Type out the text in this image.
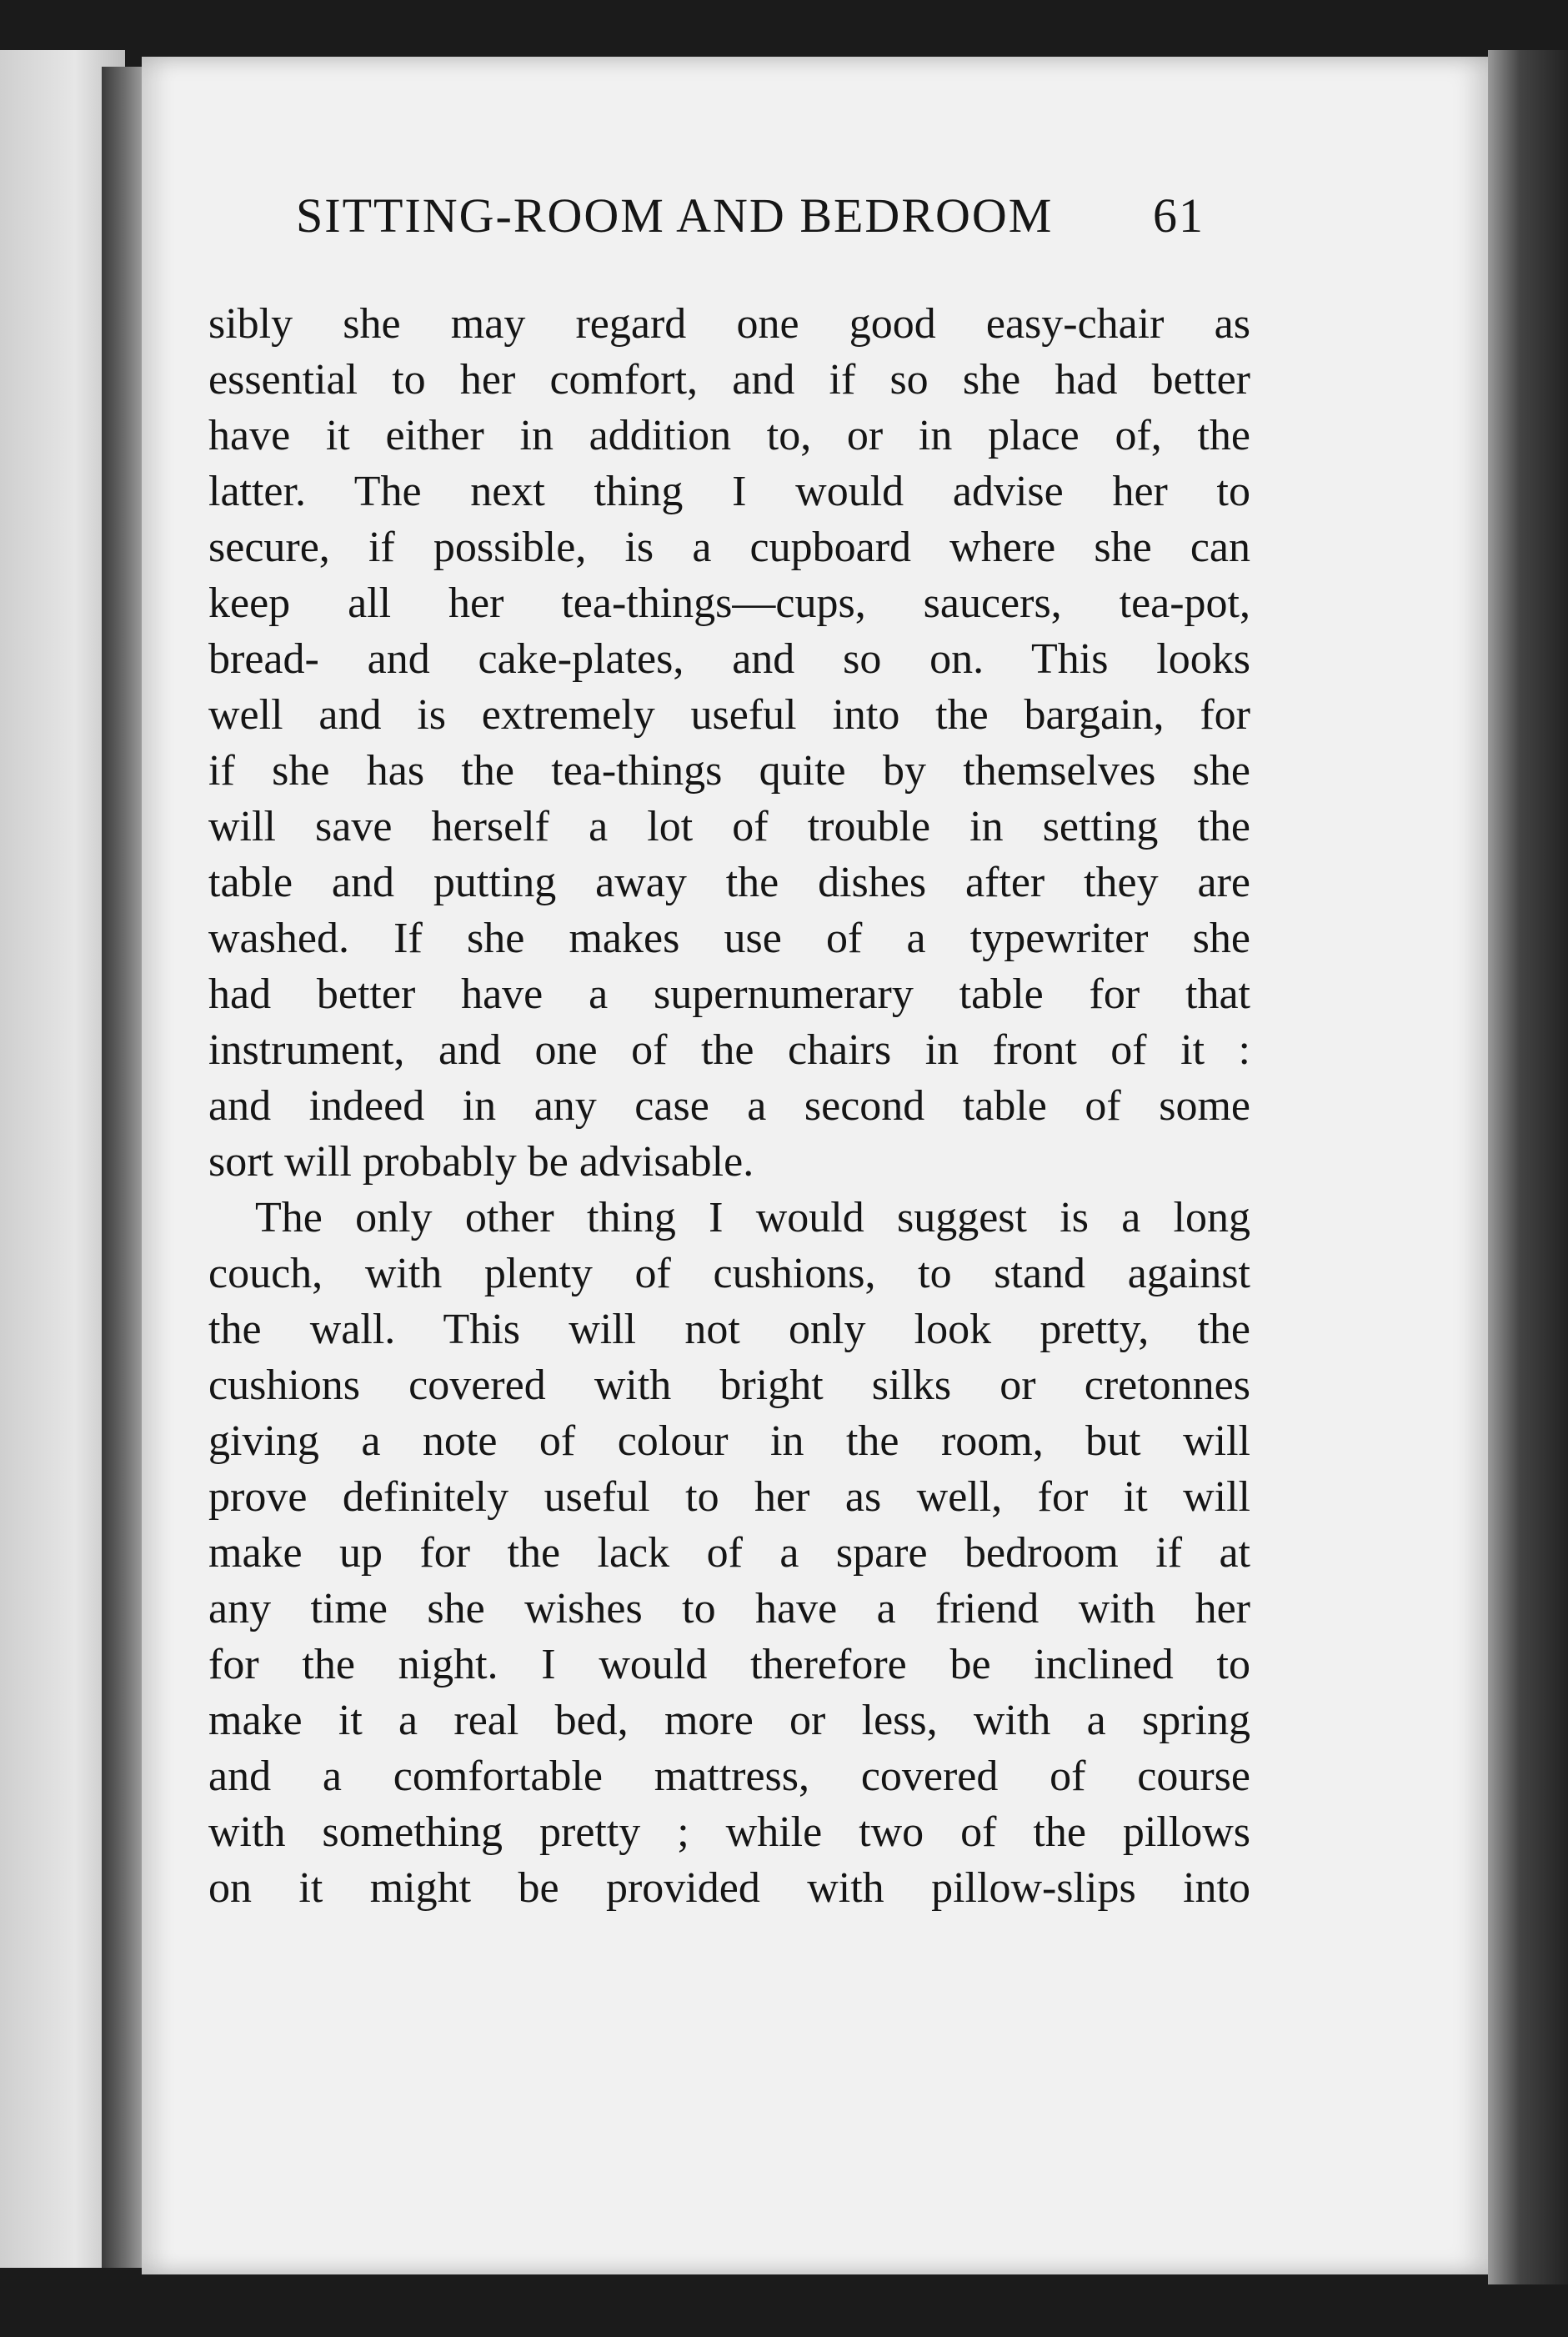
SITTING-ROOM AND BEDROOM 61
sibly she may regard one good easy-chair as
essential to her comfort, and if so she had better
have it either in addition to, or in place of, the
latter. The next thing I would advise her to
secure, if possible, is a cupboard where she can
keep all her tea-things—cups, saucers, tea-pot,
bread- and cake-plates, and so on. This looks
well and is extremely useful into the bargain, for
if she has the tea-things quite by themselves she
will save herself a lot of trouble in setting the
table and putting away the dishes after they are
washed. If she makes use of a typewriter she
had better have a supernumerary table for that
instrument, and one of the chairs in front of it :
and indeed in any case a second table of some
sort will probably be advisable.
The only other thing I would suggest is a long
couch, with plenty of cushions, to stand against
the wall. This will not only look pretty, the
cushions covered with bright silks or cretonnes
giving a note of colour in the room, but will
prove definitely useful to her as well, for it will
make up for the lack of a spare bedroom if at
any time she wishes to have a friend with her
for the night. I would therefore be inclined to
make it a real bed, more or less, with a spring
and a comfortable mattress, covered of course
with something pretty ; while two of the pillows
on it might be provided with pillow-slips into
